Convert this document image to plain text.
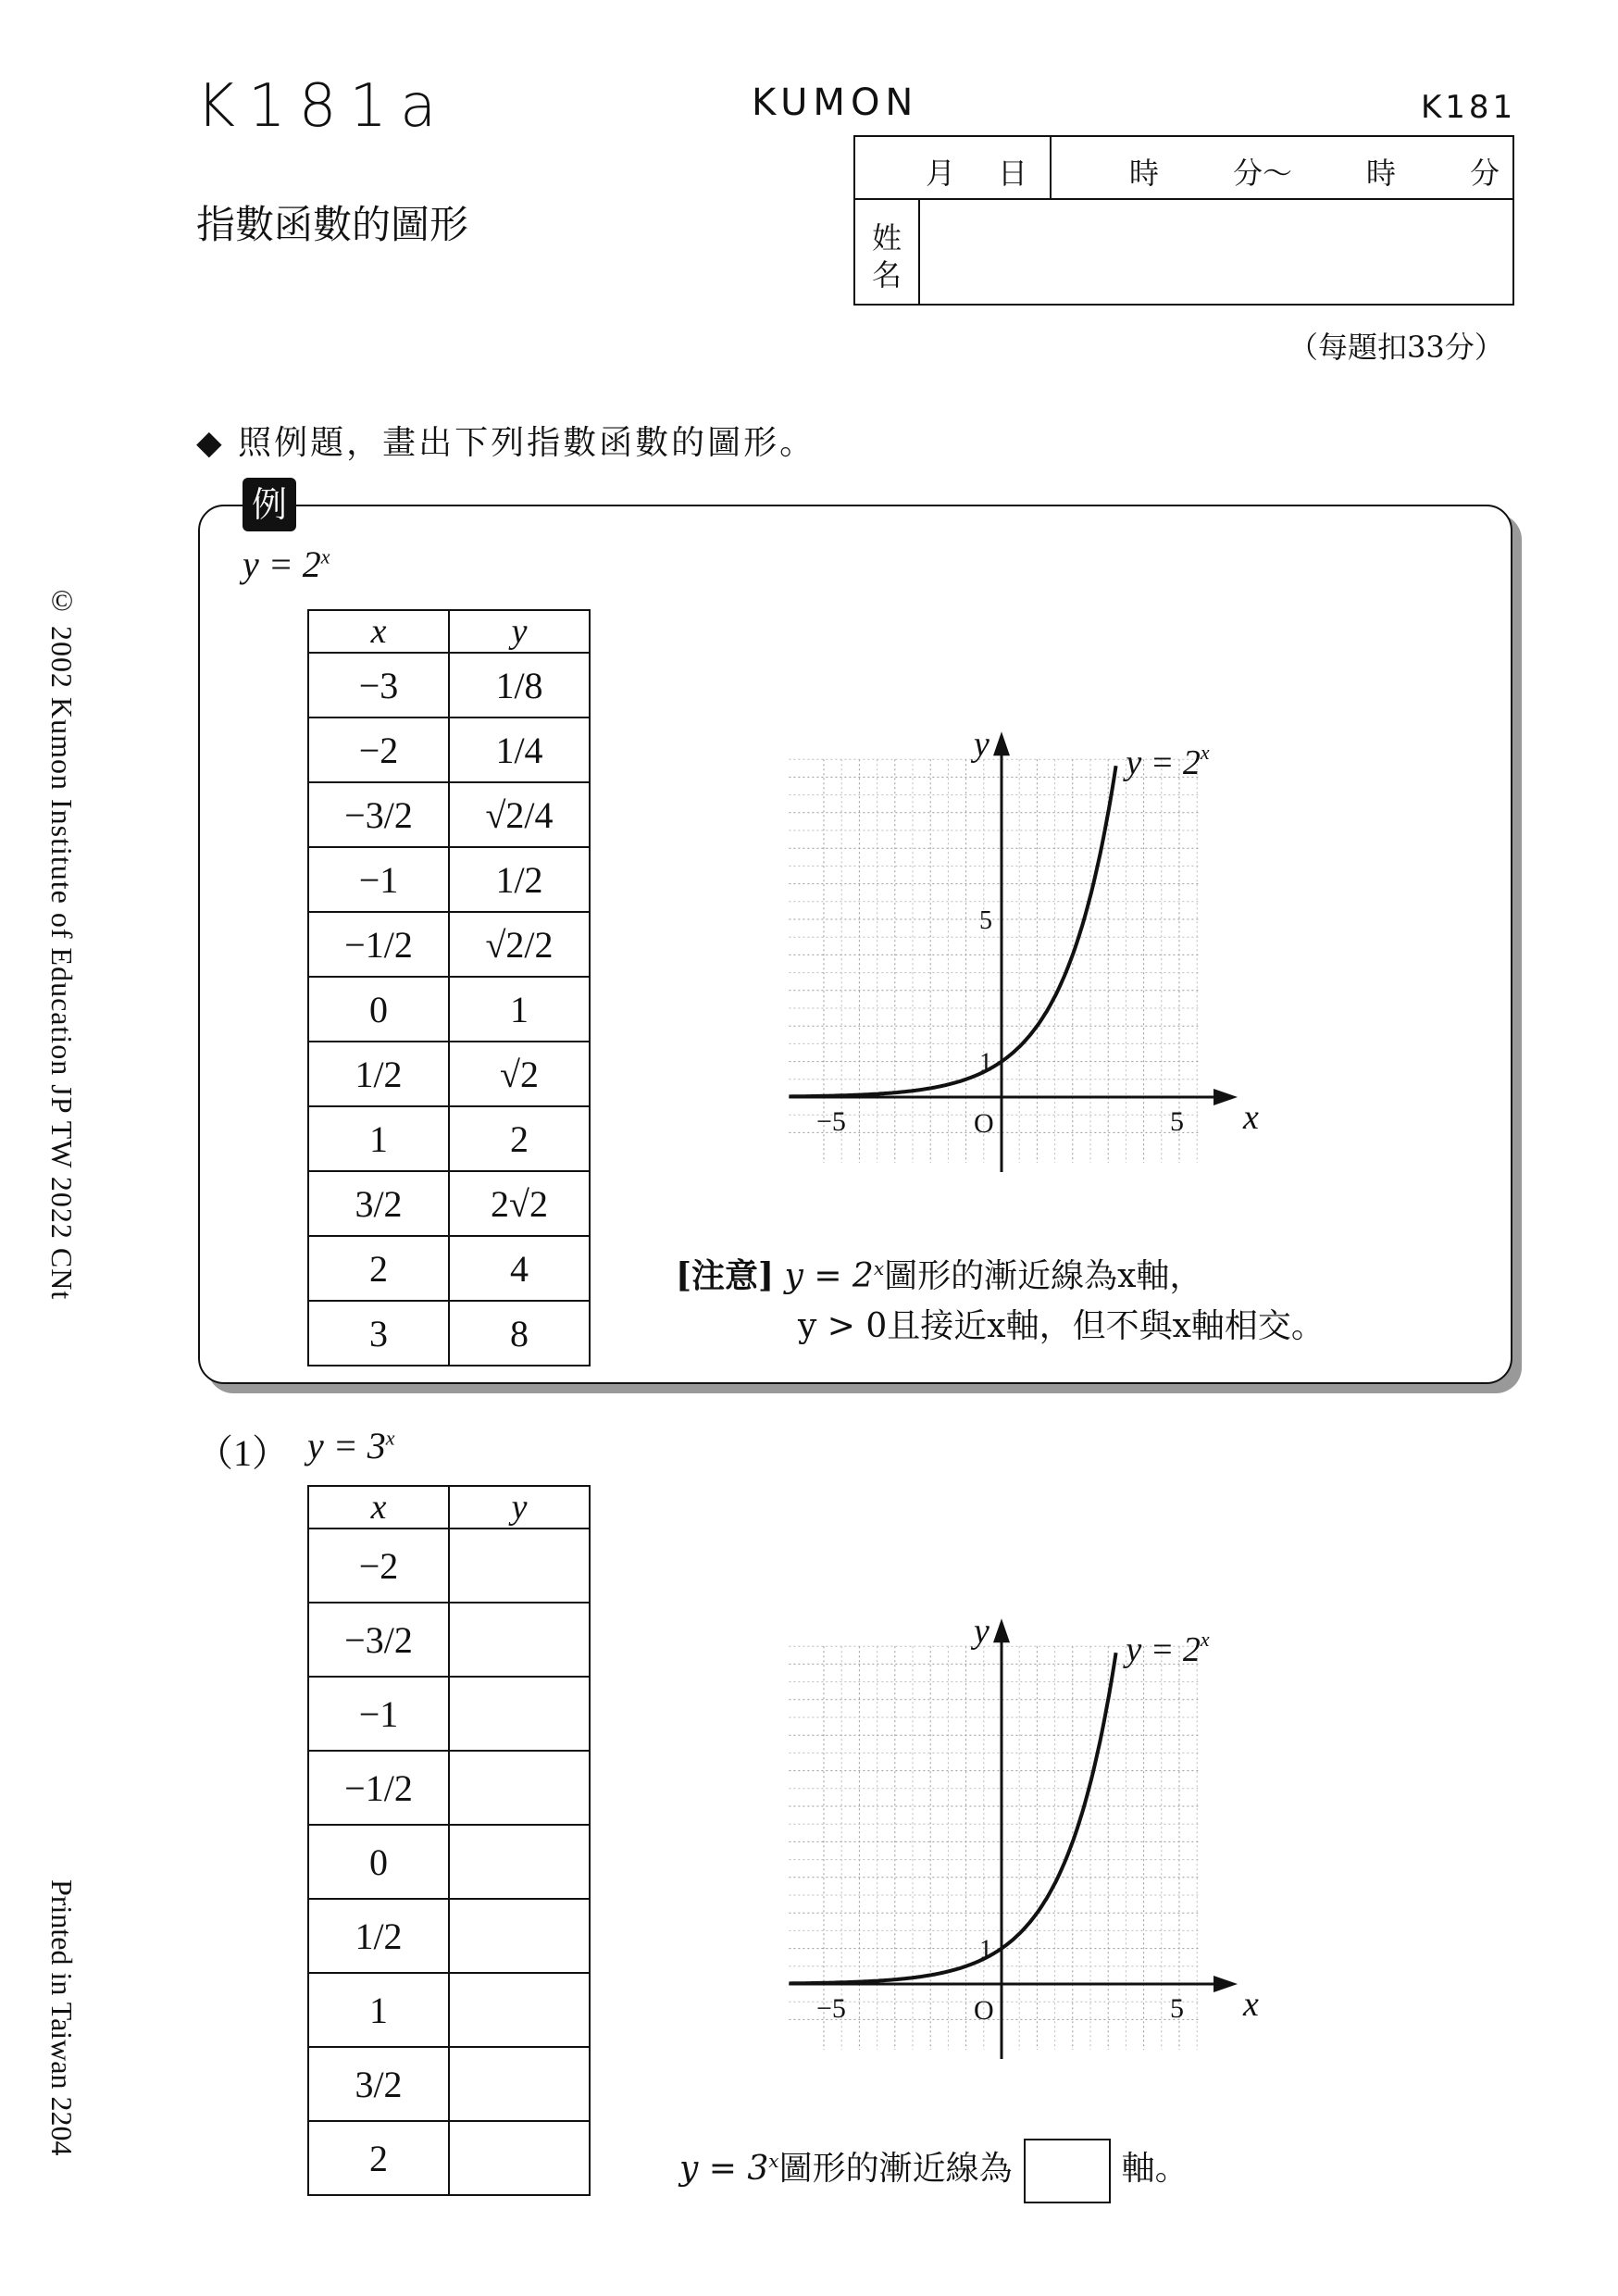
K181a	KUMON	K181
指數函數的圖形
月 日	時 分～ 時 分
姓
名
（每題扣33分）
◆ 照例題，畫出下列指數函數的圖形。
例
$y = 2^x$
x	y
−3	1/8
−2	1/4
−3/2	√2/4
−1	1/2
−1/2	√2/2
0	1
1/2	√2
1	2
3/2	2√2
2	4
3	8
x
y
O
−5	5
1
5
$y = 2^x$
[注意] $y = 2^x$圖形的漸近線為x軸，
y > 0且接近x軸，但不與x軸相交。
（1） $y = 3^x$
x	y
−2	
−3/2	
−1	
−1/2	
0	
1/2	
1	
3/2	
2	
x
y
O
−5	5
1
$y = 2^x$
$y = 3^x$圖形的漸近線為	軸。
© 2002 Kumon Institute of Education JP TW 2022 CNt
Printed in Taiwan 2204
